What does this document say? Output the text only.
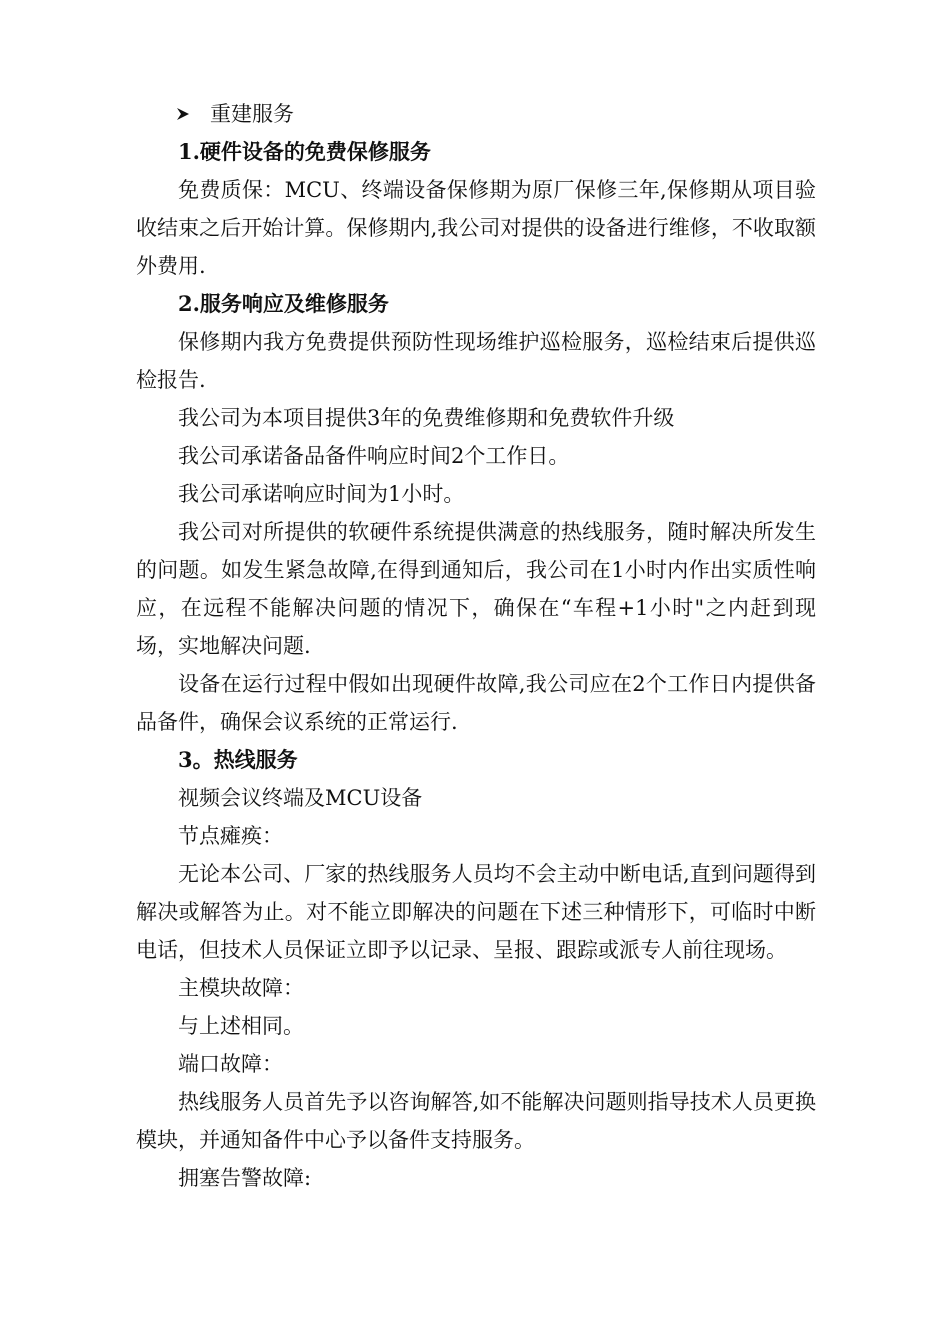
重建服务

1.硬件设备的免费保修服务

免费质保：MCU、终端设备保修期为原厂保修三年,保修期从项目验收结束之后开始计算。保修期内,我公司对提供的设备进行维修，不收取额外费用.

2.服务响应及维修服务

保修期内我方免费提供预防性现场维护巡检服务，巡检结束后提供巡检报告.

我公司为本项目提供3年的免费维修期和免费软件升级

我公司承诺备品备件响应时间2个工作日。

我公司承诺响应时间为1小时。

我公司对所提供的软硬件系统提供满意的热线服务，随时解决所发生的问题。如发生紧急故障,在得到通知后，我公司在1小时内作出实质性响应，在远程不能解决问题的情况下，确保在“车程+1小时"之内赶到现场，实地解决问题.

设备在运行过程中假如出现硬件故障,我公司应在2个工作日内提供备品备件，确保会议系统的正常运行.

3。热线服务

视频会议终端及MCU设备

节点瘫痪：

无论本公司、厂家的热线服务人员均不会主动中断电话,直到问题得到解决或解答为止。对不能立即解决的问题在下述三种情形下，可临时中断电话，但技术人员保证立即予以记录、呈报、跟踪或派专人前往现场。

主模块故障：

与上述相同。

端口故障：

热线服务人员首先予以咨询解答,如不能解决问题则指导技术人员更换模块，并通知备件中心予以备件支持服务。

拥塞告警故障:
